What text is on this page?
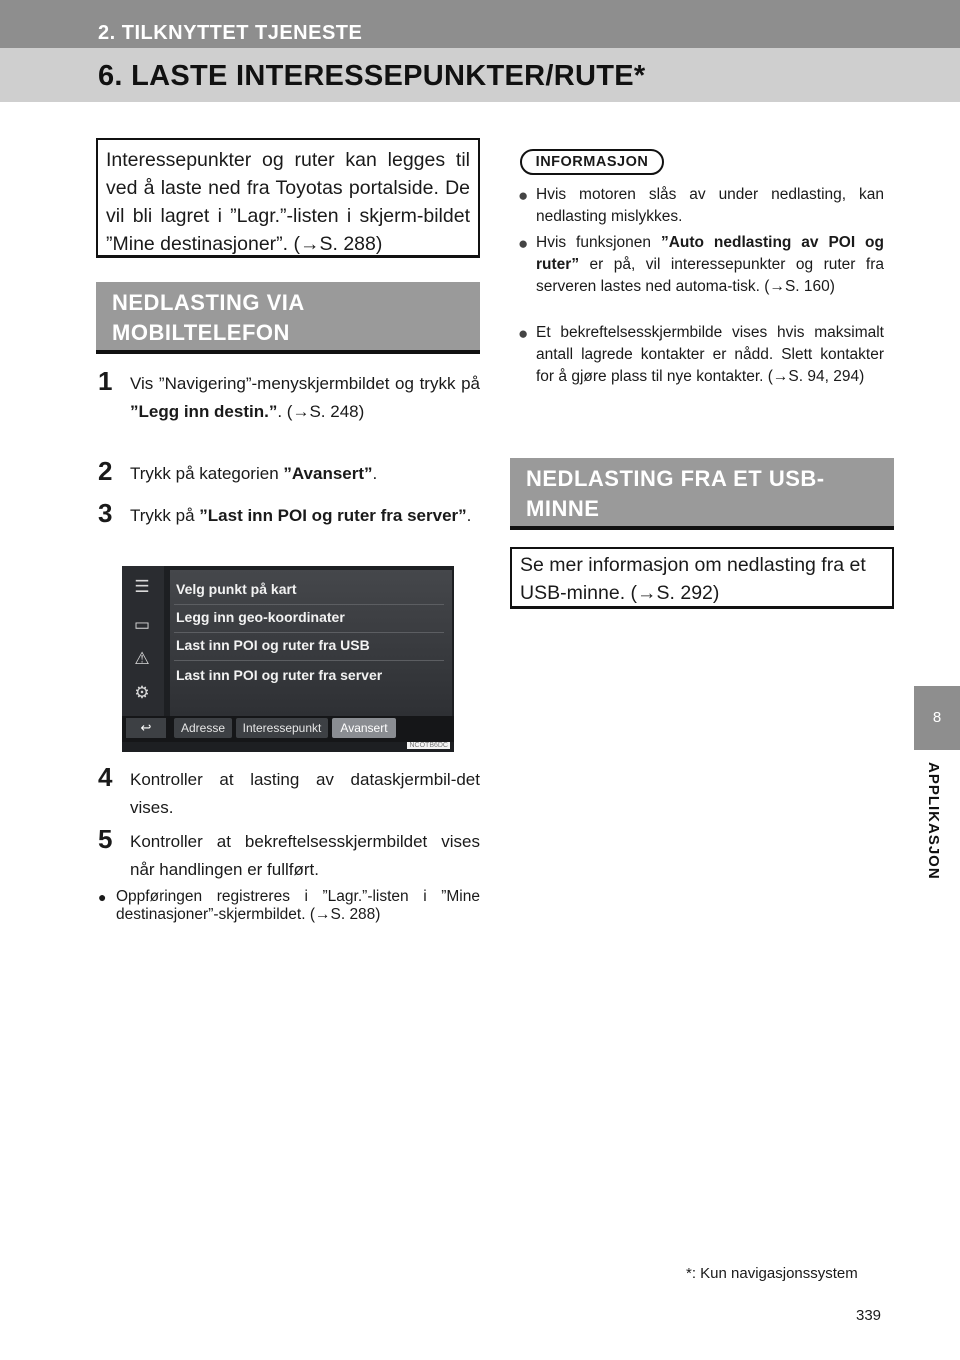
2. TILKNYTTET TJENESTE
6. LASTE INTERESSEPUNKTER/RUTE*
8
APPLIKASJON
Interessepunkter og ruter kan legges til ved å laste ned fra Toyotas portalside. De vil bli lagret i ”Lagr.”-listen i skjerm-bildet ”Mine destinasjoner”. (→S. 288)
NEDLASTING VIA MOBILTELEFON
1	Vis ”Navigering”-menyskjermbildet og trykk på ”Legg inn destin.”. (→S. 248)
2	Trykk på kategorien ”Avansert”.
3	Trykk på ”Last inn POI og ruter fra server”.
☰
▭
⚠
⚙
Velg punkt på kart
Legg inn geo-koordinater
Last inn POI og ruter fra USB
Last inn POI og ruter fra server
↩	Adresse	Interessepunkt	Avansert
NCOTB6DC
4	Kontroller at lasting av dataskjermbil-det vises.
5	Kontroller at bekreftelsesskjermbildet vises når handlingen er fullført.
● Oppføringen registreres i ”Lagr.”-listen i ”Mine destinasjoner”-skjermbildet. (→S. 288)
INFORMASJON
● Hvis motoren slås av under nedlasting, kan nedlasting mislykkes.
● Hvis funksjonen ”Auto nedlasting av POI og ruter” er på, vil interessepunkter og ruter fra serveren lastes ned automa-tisk. (→S. 160)
● Et bekreftelsesskjermbilde vises hvis maksimalt antall lagrede kontakter er nådd. Slett kontakter for å gjøre plass til nye kontakter. (→S. 94, 294)
NEDLASTING FRA ET USB-MINNE
Se mer informasjon om nedlasting fra et USB-minne. (→S. 292)
*: Kun navigasjonssystem
339
